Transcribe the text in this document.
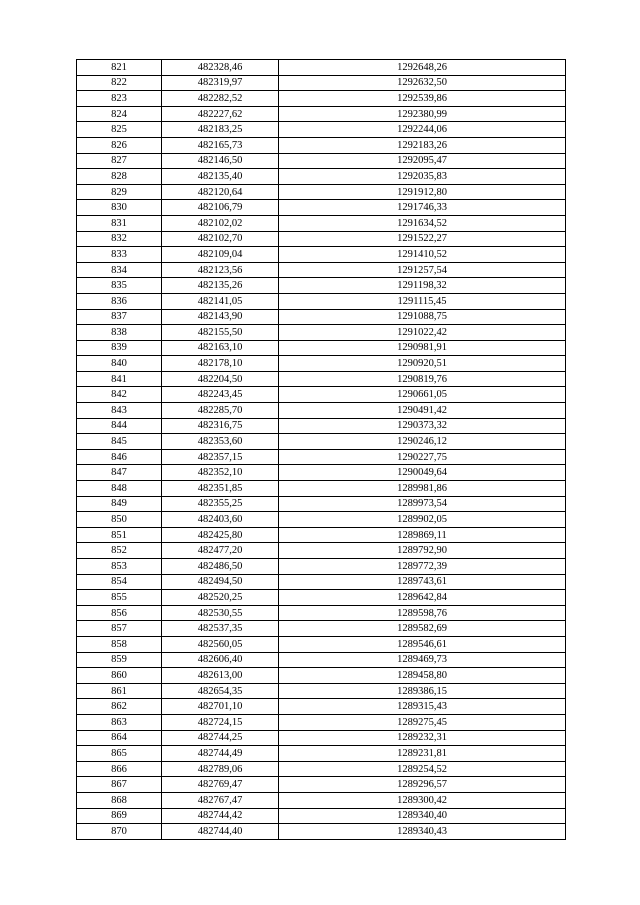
821	482328,46	1292648,26
822	482319,97	1292632,50
823	482282,52	1292539,86
824	482227,62	1292380,99
825	482183,25	1292244,06
826	482165,73	1292183,26
827	482146,50	1292095,47
828	482135,40	1292035,83
829	482120,64	1291912,80
830	482106,79	1291746,33
831	482102,02	1291634,52
832	482102,70	1291522,27
833	482109,04	1291410,52
834	482123,56	1291257,54
835	482135,26	1291198,32
836	482141,05	1291115,45
837	482143,90	1291088,75
838	482155,50	1291022,42
839	482163,10	1290981,91
840	482178,10	1290920,51
841	482204,50	1290819,76
842	482243,45	1290661,05
843	482285,70	1290491,42
844	482316,75	1290373,32
845	482353,60	1290246,12
846	482357,15	1290227,75
847	482352,10	1290049,64
848	482351,85	1289981,86
849	482355,25	1289973,54
850	482403,60	1289902,05
851	482425,80	1289869,11
852	482477,20	1289792,90
853	482486,50	1289772,39
854	482494,50	1289743,61
855	482520,25	1289642,84
856	482530,55	1289598,76
857	482537,35	1289582,69
858	482560,05	1289546,61
859	482606,40	1289469,73
860	482613,00	1289458,80
861	482654,35	1289386,15
862	482701,10	1289315,43
863	482724,15	1289275,45
864	482744,25	1289232,31
865	482744,49	1289231,81
866	482789,06	1289254,52
867	482769,47	1289296,57
868	482767,47	1289300,42
869	482744,42	1289340,40
870	482744,40	1289340,43
